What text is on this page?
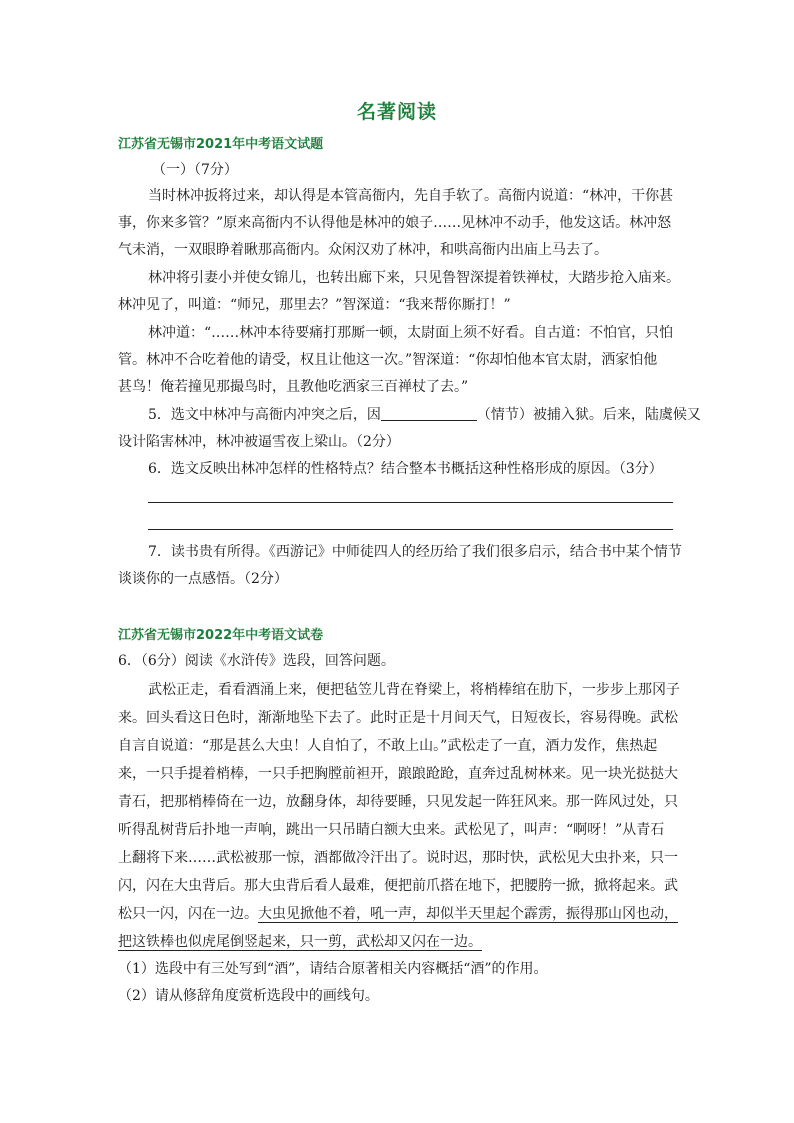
名著阅读
江苏省无锡市2021年中考语文试题
（一）（7分）
当时林冲扳将过来，却认得是本管高衙内，先自手软了。高衙内说道：“林冲，干你甚
事，你来多管？”原来高衙内不认得他是林冲的娘子……见林冲不动手，他发这话。林冲怒
气未消，一双眼睁着瞅那高衙内。众闲汉劝了林冲，和哄高衙内出庙上马去了。
林冲将引妻小并使女锦儿，也转出廊下来，只见鲁智深提着铁禅杖，大踏步抢入庙来。
林冲见了，叫道：“师兄，那里去？”智深道：“我来帮你厮打！”
林冲道：“……林冲本待要痛打那厮一顿，太尉面上须不好看。自古道：不怕官，只怕
管。林冲不合吃着他的请受，权且让他这一次。”智深道：“你却怕他本官太尉，洒家怕他
甚鸟！俺若撞见那撮鸟时，且教他吃洒家三百禅杖了去。”
5．选文中林冲与高衙内冲突之后，因	（情节）被捕入狱。后来，陆虞候又
设计陷害林冲，林冲被逼雪夜上梁山。（2分）
6．选文反映出林冲怎样的性格特点？结合整本书概括这种性格形成的原因。（3分）
7．读书贵有所得。《西游记》中师徒四人的经历给了我们很多启示，结合书中某个情节
谈谈你的一点感悟。（2分）
江苏省无锡市2022年中考语文试卷
6．（6分）阅读《水浒传》选段，回答问题。
武松正走，看看酒涌上来，便把毡笠儿背在脊梁上，将梢棒绾在肋下，一步步上那冈子
来。回头看这日色时，渐渐地坠下去了。此时正是十月间天气，日短夜长，容易得晚。武松
自言自说道：“那是甚么大虫！人自怕了，不敢上山。”武松走了一直，酒力发作，焦热起
来，一只手提着梢棒，一只手把胸膛前袒开，踉踉跄跄，直奔过乱树林来。见一块光挞挞大
青石，把那梢棒倚在一边，放翻身体，却待要睡，只见发起一阵狂风来。那一阵风过处，只
听得乱树背后扑地一声响，跳出一只吊睛白额大虫来。武松见了，叫声：“啊呀！”从青石
上翻将下来……武松被那一惊，酒都做冷汗出了。说时迟，那时快，武松见大虫扑来，只一
闪，闪在大虫背后。那大虫背后看人最难，便把前爪搭在地下，把腰胯一掀，掀将起来。武
松只一闪，闪在一边。大虫见掀他不着，吼一声，却似半天里起个霹雳，振得那山冈也动，
把这铁棒也似虎尾倒竖起来，只一剪，武松却又闪在一边。
（1）选段中有三处写到“酒”，请结合原著相关内容概括“酒”的作用。
（2）请从修辞角度赏析选段中的画线句。
